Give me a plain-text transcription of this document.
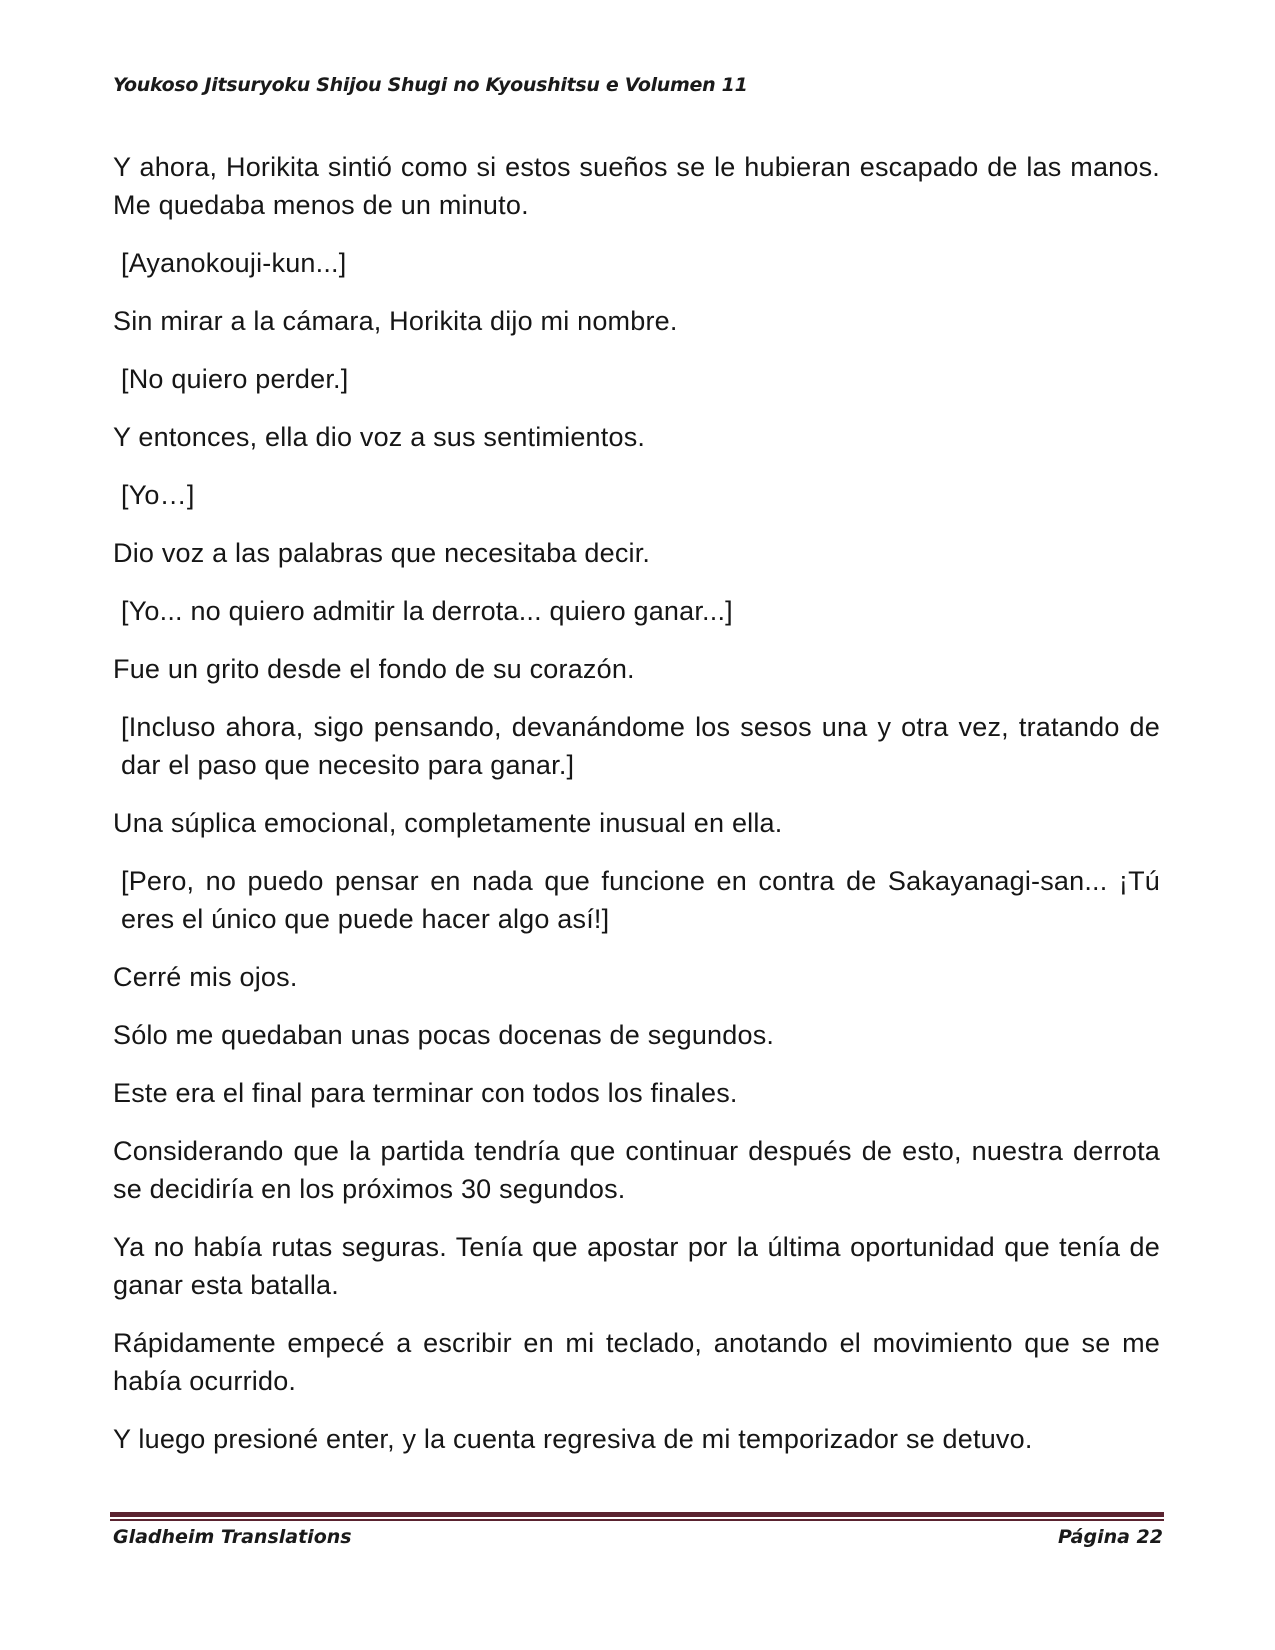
Youkoso Jitsuryoku Shijou Shugi no Kyoushitsu e Volumen 11

Y ahora, Horikita sintió como si estos sueños se le hubieran escapado de las manos. Me quedaba menos de un minuto.

[Ayanokouji-kun...]

Sin mirar a la cámara, Horikita dijo mi nombre.

[No quiero perder.]

Y entonces, ella dio voz a sus sentimientos.

[Yo…]

Dio voz a las palabras que necesitaba decir.

[Yo... no quiero admitir la derrota... quiero ganar...]

Fue un grito desde el fondo de su corazón.

[Incluso ahora, sigo pensando, devanándome los sesos una y otra vez, tratando de dar el paso que necesito para ganar.]

Una súplica emocional, completamente inusual en ella.

[Pero, no puedo pensar en nada que funcione en contra de Sakayanagi-san... ¡Tú eres el único que puede hacer algo así!]

Cerré mis ojos.

Sólo me quedaban unas pocas docenas de segundos.

Este era el final para terminar con todos los finales.

Considerando que la partida tendría que continuar después de esto, nuestra derrota se decidiría en los próximos 30 segundos.

Ya no había rutas seguras. Tenía que apostar por la última oportunidad que tenía de ganar esta batalla.

Rápidamente empecé a escribir en mi teclado, anotando el movimiento que se me había ocurrido.

Y luego presioné enter, y la cuenta regresiva de mi temporizador se detuvo.

Gladheim Translations	Página 22
